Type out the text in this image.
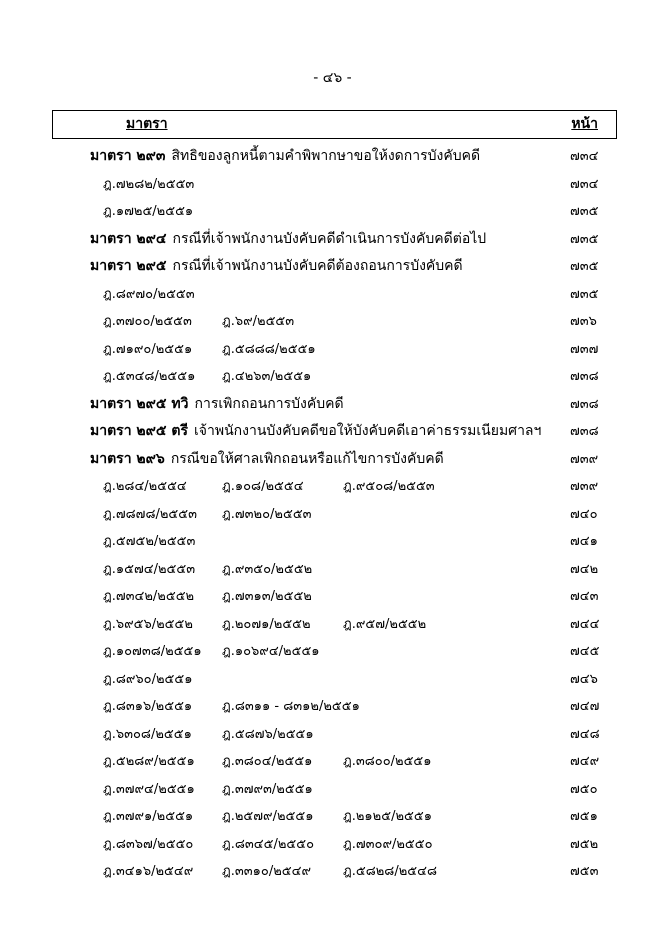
- ๔๖ -
มาตรา	หน้า
มาตรา ๒๙๓ สิทธิของลูกหนี้ตามคำพิพากษาขอให้งดการบังคับคดี	๗๓๔
ฎ.๗๒๘๒/๒๕๕๓	๗๓๔
ฎ.๑๗๒๕/๒๕๕๑	๗๓๕
มาตรา ๒๙๔ กรณีที่เจ้าพนักงานบังคับคดีดำเนินการบังคับคดีต่อไป	๗๓๕
มาตรา ๒๙๕ กรณีที่เจ้าพนักงานบังคับคดีต้องถอนการบังคับคดี	๗๓๕
ฎ.๘๙๗๐/๒๕๕๓	๗๓๕
ฎ.๓๗๐๐/๒๕๕๓ ฎ.๖๙/๒๕๕๓	๗๓๖
ฎ.๗๑๙๐/๒๕๕๑ ฎ.๕๘๘๘/๒๕๕๑	๗๓๗
ฎ.๕๓๔๘/๒๕๕๑ ฎ.๔๒๖๓/๒๕๕๑	๗๓๘
มาตรา ๒๙๕ ทวิ การเพิกถอนการบังคับคดี	๗๓๘
มาตรา ๒๙๕ ตรี เจ้าพนักงานบังคับคดีขอให้บังคับคดีเอาค่าธรรมเนียมศาลฯ ๗๓๘
มาตรา ๒๙๖ กรณีขอให้ศาลเพิกถอนหรือแก้ไขการบังคับคดี	๗๓๙
ฎ.๒๘๔/๒๕๕๔	ฎ.๑๐๘/๒๕๕๔	ฎ.๙๕๐๘/๒๕๕๓	๗๓๙
ฎ.๗๘๗๘/๒๕๕๓ ฎ.๗๓๒๐/๒๕๕๓	๗๔๐
ฎ.๕๗๕๒/๒๕๕๓	๗๔๑
ฎ.๑๕๗๔/๒๕๕๓ ฎ.๙๓๕๐/๒๕๕๒	๗๔๒
ฎ.๗๓๔๒/๒๕๕๒ ฎ.๗๓๑๓/๒๕๕๒	๗๔๓
ฎ.๖๙๕๖/๒๕๕๒ ฎ.๒๐๗๑/๒๕๕๒ ฎ.๙๕๗/๒๕๕๒	๗๔๔
ฎ.๑๐๗๓๘/๒๕๕๑ ฎ.๑๐๖๙๔/๒๕๕๑	๗๔๕
ฎ.๘๙๖๐/๒๕๕๑	๗๔๖
ฎ.๘๓๑๖/๒๕๕๑ ฎ.๘๓๑๑ - ๘๓๑๒/๒๕๕๑	๗๔๗
ฎ.๖๓๐๘/๒๕๕๑ ฎ.๕๘๗๖/๒๕๕๑	๗๔๘
ฎ.๕๒๘๙/๒๕๕๑ ฎ.๓๘๐๔/๒๕๕๑ ฎ.๓๘๐๐/๒๕๕๑	๗๔๙
ฎ.๓๗๙๔/๒๕๕๑ ฎ.๓๗๙๓/๒๕๕๑	๗๕๐
ฎ.๓๗๙๑/๒๕๕๑ ฎ.๒๕๗๙/๒๕๕๑ ฎ.๒๑๒๕/๒๕๕๑	๗๕๑
ฎ.๘๓๖๗/๒๕๕๐ ฎ.๘๓๔๕/๒๕๕๐ ฎ.๗๓๐๙/๒๕๕๐	๗๕๒
ฎ.๓๔๑๖/๒๕๔๙ ฎ.๓๓๑๐/๒๕๔๙ ฎ.๕๘๒๘/๒๕๔๘	๗๕๓
